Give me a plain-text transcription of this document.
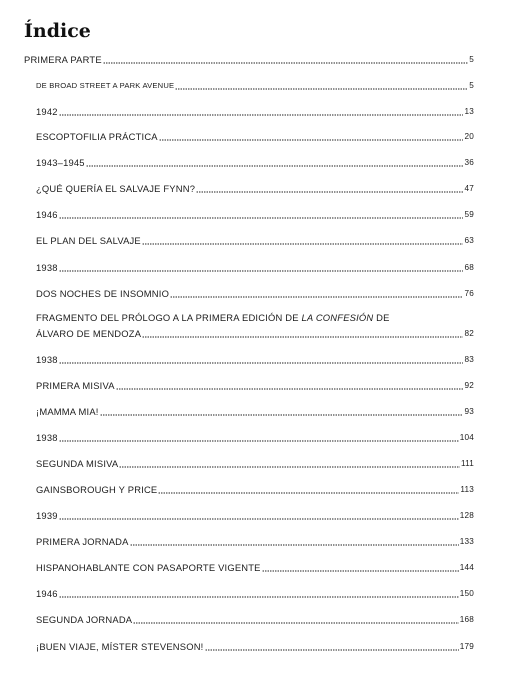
Índice
PRIMERA PARTE	5
DE BROAD STREET A PARK AVENUE	5
1942	13
ESCOPTOFILIA PRÁCTICA	20
1943–1945	36
¿QUÉ QUERÍA EL SALVAJE FYNN?	47
1946	59
EL PLAN DEL SALVAJE	63
1938	68
DOS NOCHES DE INSOMNIO	76
FRAGMENTO DEL PRÓLOGO A LA PRIMERA EDICIÓN DE LA CONFESIÓN DE
ÁLVARO DE MENDOZA	82
1938	83
PRIMERA MISIVA	92
¡MAMMA MIA!	93
1938	104
SEGUNDA MISIVA	111
GAINSBOROUGH Y PRICE	113
1939	128
PRIMERA JORNADA	133
HISPANOHABLANTE CON PASAPORTE VIGENTE	144
1946	150
SEGUNDA JORNADA	168
¡BUEN VIAJE, MÍSTER STEVENSON!	179
